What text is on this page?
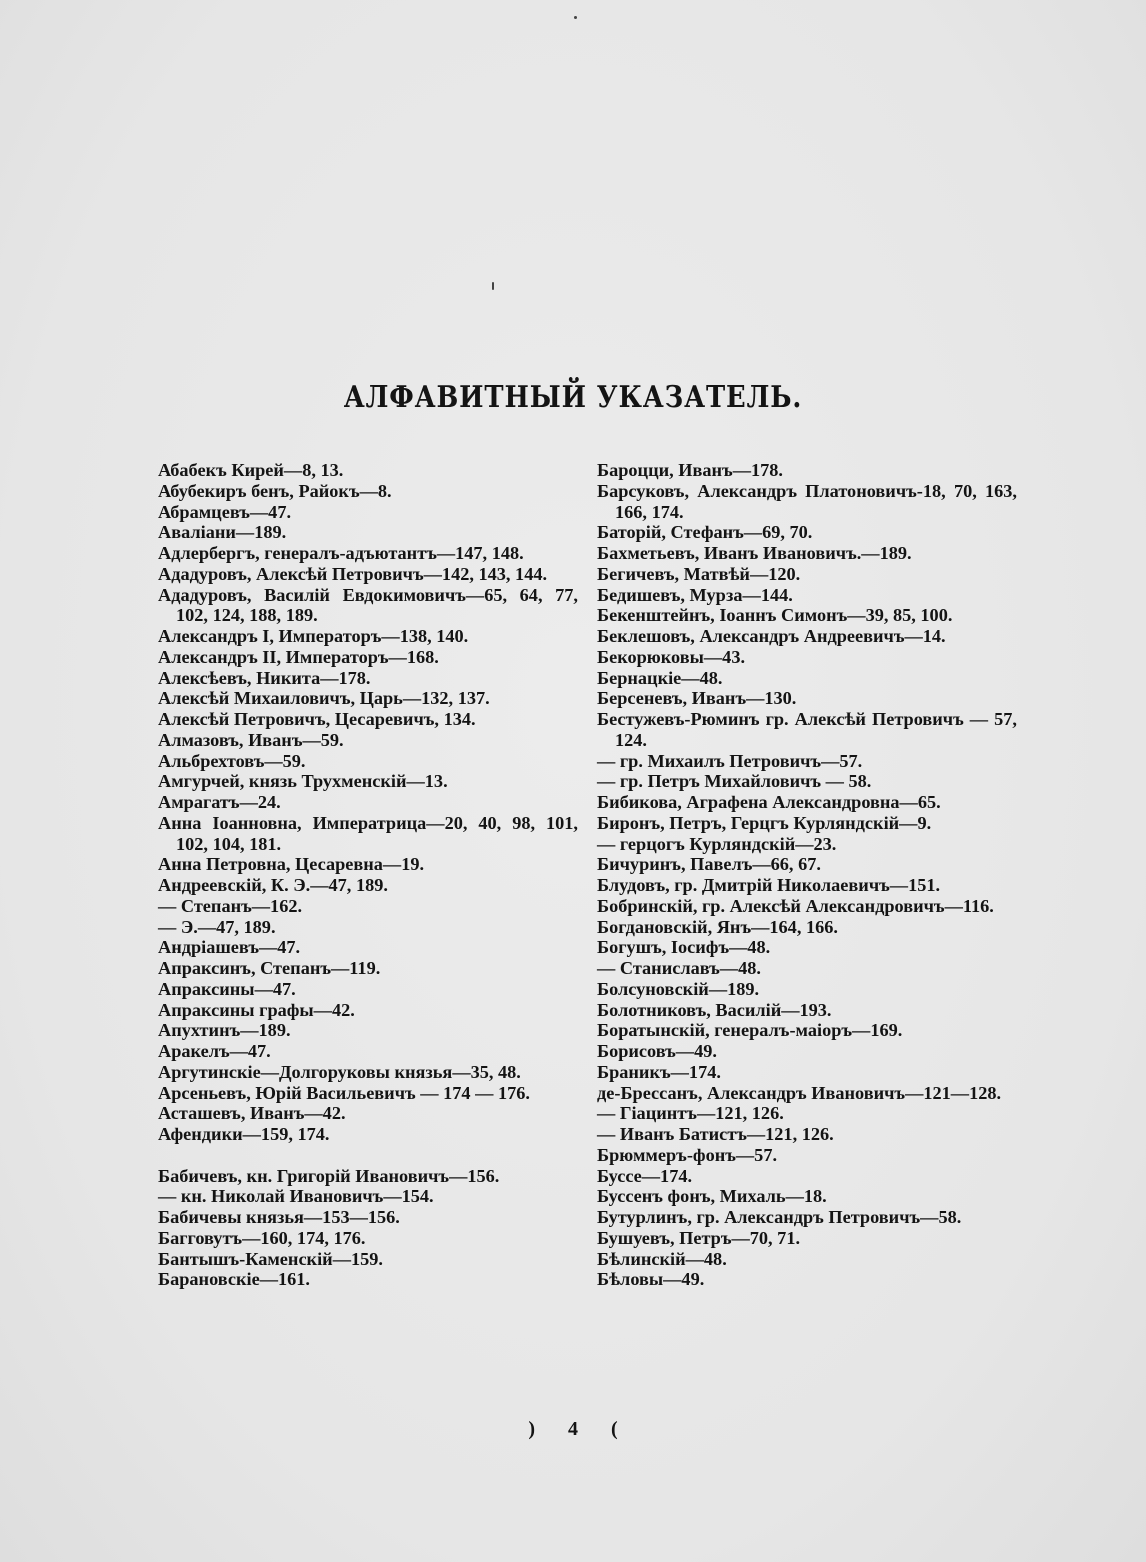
АЛФАВИТНЫЙ УКАЗАТЕЛЬ.
Абабекъ Кирей—8, 13.
Абубекиръ бенъ, Райокъ—8.
Абрамцевъ—47.
Аваліани—189.
Адлербергъ, генералъ-адъютантъ—147, 148.
Ададуровъ, Алексѣй Петровичъ—142, 143, 144.
Ададуровъ, Василій Евдокимовичъ—65, 64, 77, 102, 124, 188, 189.
Александръ I, Императоръ—138, 140.
Александръ II, Императоръ—168.
Алексѣевъ, Никита—178.
Алексѣй Михаиловичъ, Царь—132, 137.
Алексѣй Петровичъ, Цесаревичъ, 134.
Алмазовъ, Иванъ—59.
Альбрехтовъ—59.
Амгурчей, князь Трухменскій—13.
Амрагатъ—24.
Анна Іоанновна, Императрица—20, 40, 98, 101, 102, 104, 181.
Анна Петровна, Цесаревна—19.
Андреевскій, К. Э.—47, 189.
— Степанъ—162.
— Э.—47, 189.
Андріашевъ—47.
Апраксинъ, Степанъ—119.
Апраксины—47.
Апраксины графы—42.
Апухтинъ—189.
Аракелъ—47.
Аргутинскіе—Долгоруковы князья—35, 48.
Арсеньевъ, Юрій Васильевичъ — 174 — 176.
Асташевъ, Иванъ—42.
Афендики—159, 174.
Бабичевъ, кн. Григорій Ивановичъ—156.
— кн. Николай Ивановичъ—154.
Бабичевы князья—153—156.
Багговутъ—160, 174, 176.
Бантышъ-Каменскій—159.
Барановскіе—161.
Бароцци, Иванъ—178.
Барсуковъ, Александръ Платоновичъ-18, 70, 163, 166, 174.
Баторій, Стефанъ—69, 70.
Бахметьевъ, Иванъ Ивановичъ.—189.
Бегичевъ, Матвѣй—120.
Бедишевъ, Мурза—144.
Бекенштейнъ, Іоаннъ Симонъ—39, 85, 100.
Беклешовъ, Александръ Андреевичъ—14.
Бекорюковы—43.
Бернацкіе—48.
Берсеневъ, Иванъ—130.
Бестужевъ-Рюминъ гр. Алексѣй Петровичъ — 57, 124.
— гр. Михаилъ Петровичъ—57.
— гр. Петръ Михайловичъ — 58.
Бибикова, Аграфена Александровна—65.
Биронъ, Петръ, Герцгъ Курляндскій—9.
— герцогъ Курляндскій—23.
Бичуринъ, Павелъ—66, 67.
Блудовъ, гр. Дмитрій Николаевичъ—151.
Бобринскій, гр. Алексѣй Александровичъ—116.
Богдановскій, Янъ—164, 166.
Богушъ, Іосифъ—48.
— Станиславъ—48.
Болсуновскій—189.
Болотниковъ, Василій—193.
Боратынскій, генералъ-маіоръ—169.
Борисовъ—49.
Браникъ—174.
де-Брессанъ, Александръ Ивановичъ—121—128.
— Гіацинтъ—121, 126.
— Иванъ Батистъ—121, 126.
Брюммеръ-фонъ—57.
Буссе—174.
Буссенъ фонъ, Михаль—18.
Бутурлинъ, гр. Александръ Петровичъ—58.
Бушуевъ, Петръ—70, 71.
Бѣлинскій—48.
Бѣловы—49.
) 4 (
